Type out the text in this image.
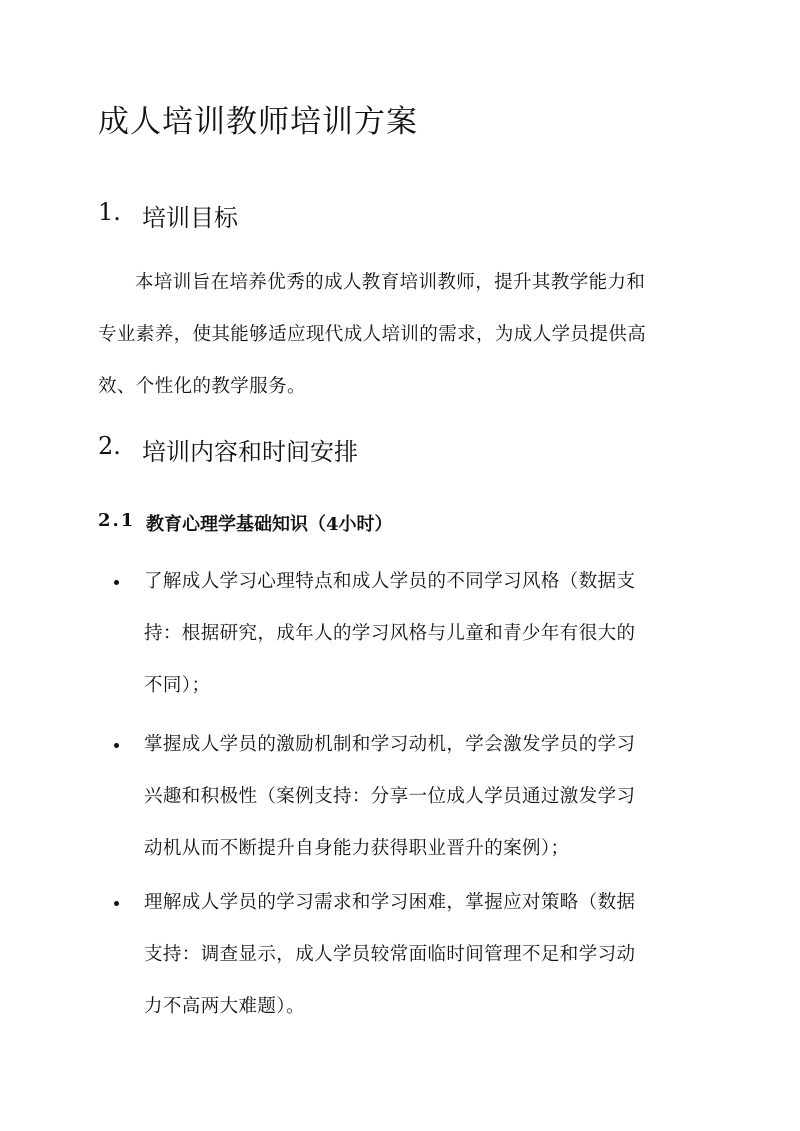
成人培训教师培训方案
1. 培训目标
本培训旨在培养优秀的成人教育培训教师，提升其教学能力和
专业素养，使其能够适应现代成人培训的需求，为成人学员提供高
效、个性化的教学服务。
2. 培训内容和时间安排
2.1 教育心理学基础知识（4小时）
了解成人学习心理特点和成人学员的不同学习风格（数据支
持：根据研究，成年人的学习风格与儿童和青少年有很大的
不同）；
掌握成人学员的激励机制和学习动机，学会激发学员的学习
兴趣和积极性（案例支持：分享一位成人学员通过激发学习
动机从而不断提升自身能力获得职业晋升的案例）；
理解成人学员的学习需求和学习困难，掌握应对策略（数据
支持：调查显示，成人学员较常面临时间管理不足和学习动
力不高两大难题）。
